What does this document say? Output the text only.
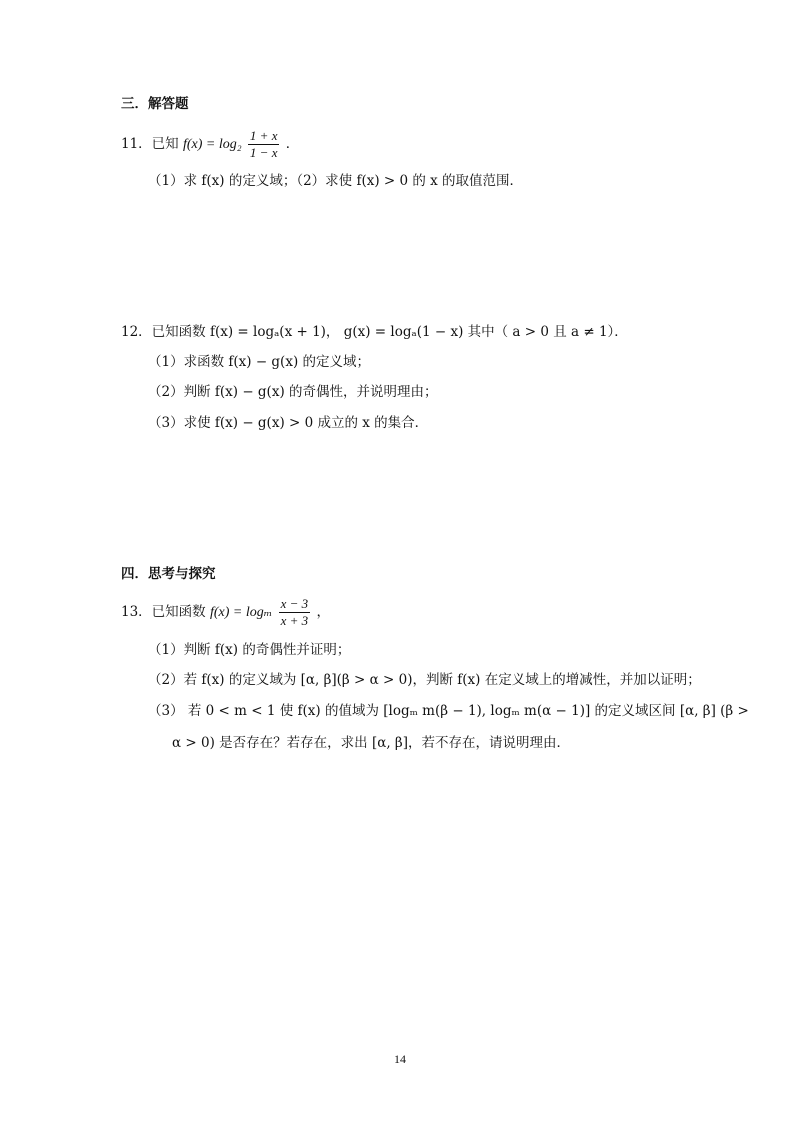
三．解答题
11．已知 $f(x) = \log_2 \frac{1 + x}{1 - x}$ ．
（1）求 f(x) 的定义域；（2）求使 f(x) > 0 的 x 的取值范围．
12．已知函数 f(x) = logₐ(x + 1)， g(x) = logₐ(1 − x) 其中（ a > 0 且 a ≠ 1）．
（1）求函数 f(x) − g(x) 的定义域；
（2）判断 f(x) − g(x) 的奇偶性，并说明理由；
（3）求使 f(x) − g(x) > 0 成立的 x 的集合．
四．思考与探究
13．已知函数 f(x) = logₘ $\frac{x - 3}{x + 3}$ ，
（1）判断 f(x) 的奇偶性并证明；
（2）若 f(x) 的定义域为 [α, β](β > α > 0)，判断 f(x) 在定义域上的增减性，并加以证明；
（3） 若 0 < m < 1 使 f(x) 的值域为 [logₘ m(β − 1), logₘ m(α − 1)] 的定义域区间 [α, β] (β >
α > 0) 是否存在？若存在，求出 [α, β]，若不存在，请说明理由．
14
